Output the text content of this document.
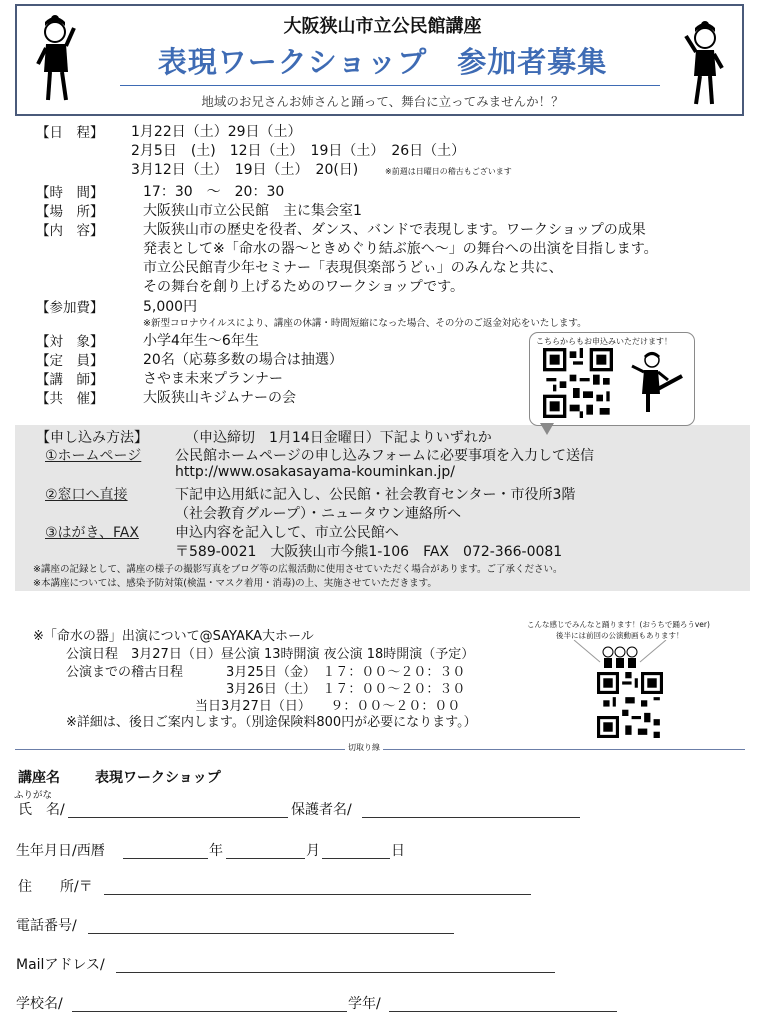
大阪狭山市立公民館講座
表現ワークショップ　参加者募集
地域のお兄さんお姉さんと踊って、舞台に立ってみませんか！？
【日　程】 1月22日（土）29日（土）
2月5日　(土)　12日（土）　19日（土）　26日（土）
3月12日（土）　19日（土）　20(日)	※前週は日曜日の稽古もございます
【時　間】	17：30　～　20：30
【場　所】	大阪狭山市立公民館　主に集会室1
【内　容】	大阪狭山市の歴史を役者、ダンス、バンドで表現します。ワークショップの成果
発表として※「命水の器～ときめぐり結ぶ旅へ～」の舞台への出演を目指します。
市立公民館青少年セミナー「表現倶楽部うどぃ」のみんなと共に、
その舞台を創り上げるためのワークショップです。
【参加費】	5,000円
※新型コロナウイルスにより、講座の休講・時間短縮になった場合、その分のご返金対応をいたします。
【対　象】	小学4年生～6年生
【定　員】	20名（応募多数の場合は抽選）
【講　師】	さやま未来プランナー
【共　催】	大阪狭山キジムナーの会
こちらからもお申込みいただけます！
【申し込み方法】	（申込締切　1月14日金曜日）下記よりいずれか
①ホームページ 公民館ホームページの申し込みフォームに必要事項を入力して送信
http://www.osakasayama-kouminkan.jp/
②窓口へ直接	下記申込用紙に記入し、公民館・社会教育センター・市役所3階
（社会教育グループ）・ニュータウン連絡所へ
③はがき、FAX	申込内容を記入して、市立公民館へ
〒589-0021　大阪狭山市今熊1-106　FAX　072-366-0081
※講座の記録として、講座の様子の撮影写真をブログ等の広報活動に使用させていただく場合があります。ご了承ください。
※本講座については、感染予防対策(検温・マスク着用・消毒)の上、実施させていただきます。
※「命水の器」出演について@SAYAKA大ホール
公演日程　3月27日（日）昼公演 13時開演 夜公演 18時開演（予定）
公演までの稽古日程	3月25日（金）　１７：００～２０：３０
3月26日（土）　１７：００～２０：３０
当日3月27日（日）　　９：００～２０：００
※詳細は、後日ご案内します。（別途保険料800円が必要になります。）
こんな感じでみんなと踊ります！(おうちで踊ろうver)
後半には前回の公演動画もあります！
切取り線
講座名	表現ワークショップ
ふりがな
氏　名/	保護者名/
生年月日/西暦	年	月	日
住　　所/〒
電話番号/
Mailアドレス/
学校名/	学年/
